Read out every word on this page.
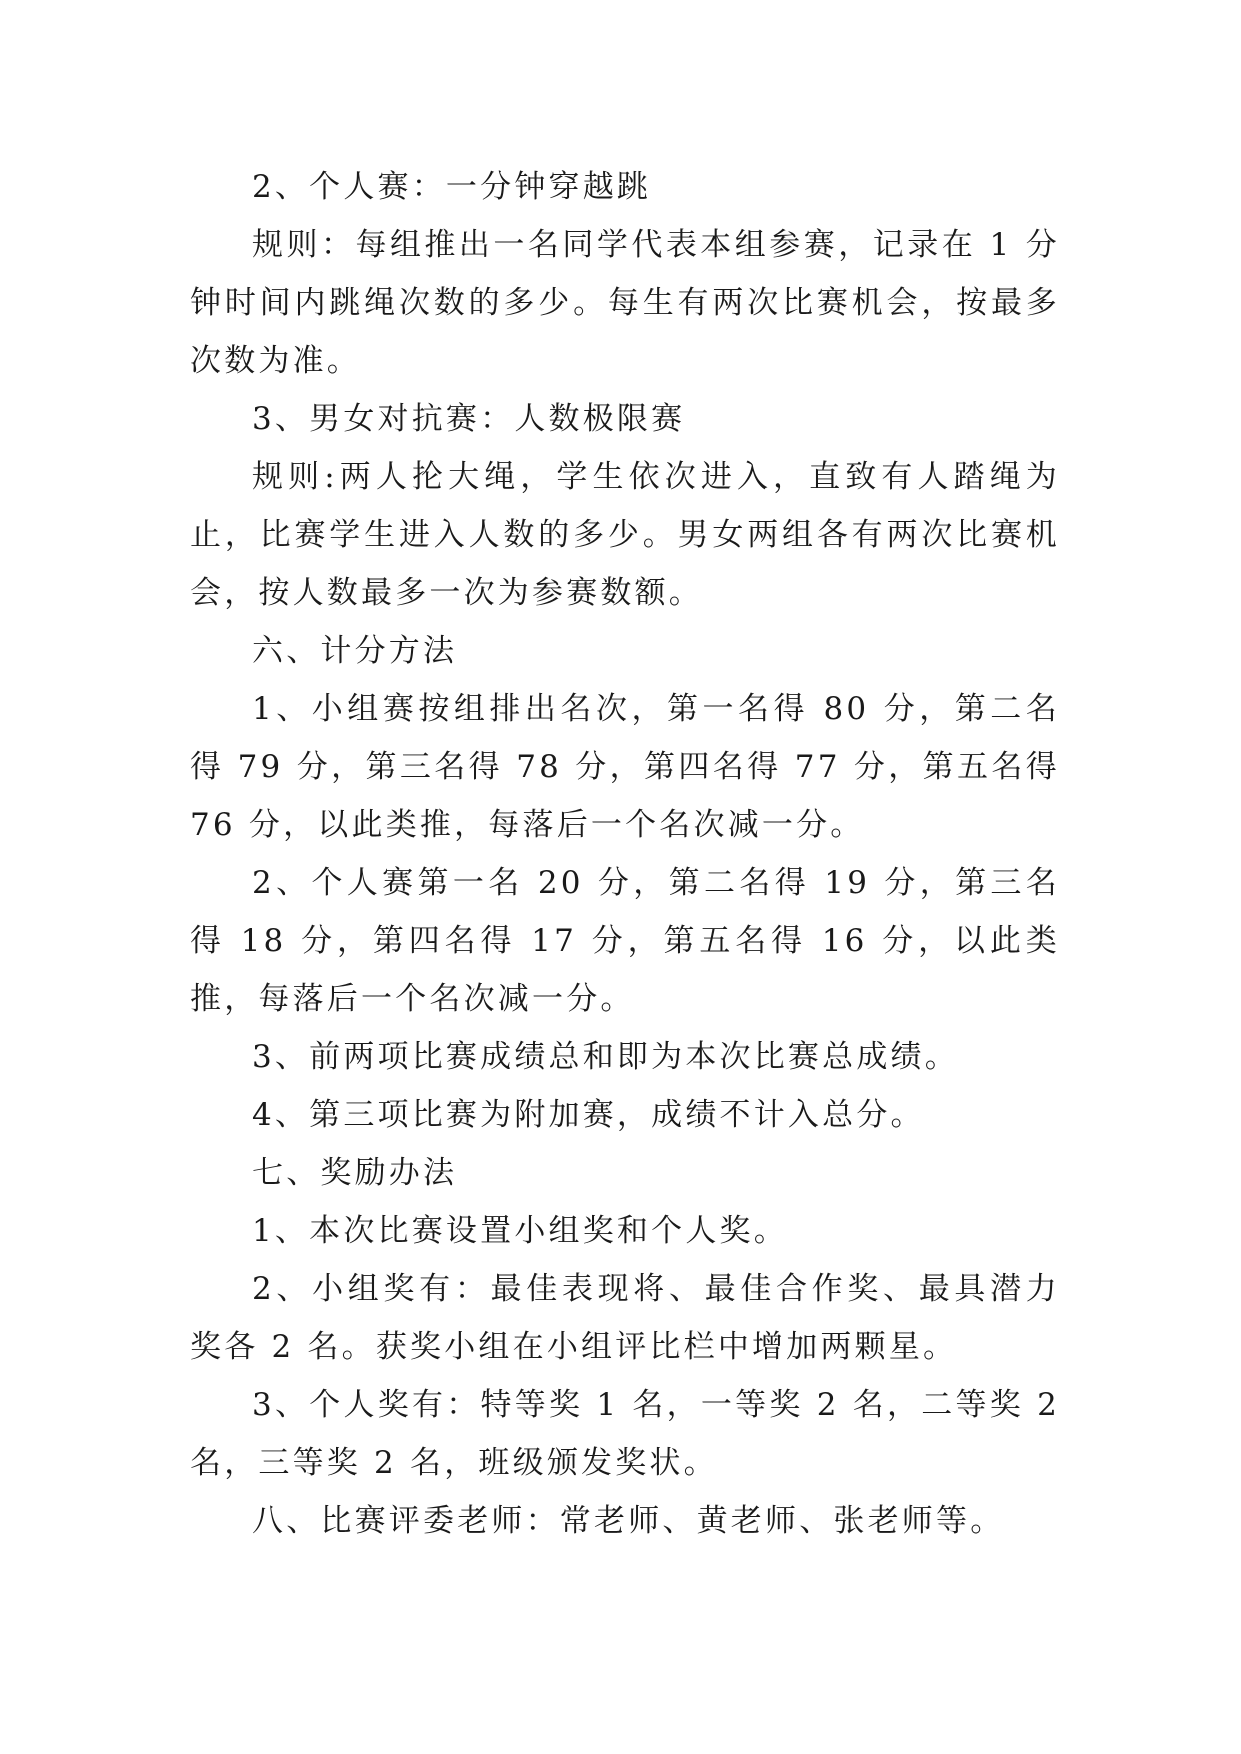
2、个人赛：一分钟穿越跳

规则：每组推出一名同学代表本组参赛，记录在 1 分钟时间内跳绳次数的多少。每生有两次比赛机会，按最多次数为准。

3、男女对抗赛：人数极限赛

规则:两人抡大绳，学生依次进入，直致有人踏绳为止，比赛学生进入人数的多少。男女两组各有两次比赛机会，按人数最多一次为参赛数额。

六、计分方法

1、小组赛按组排出名次，第一名得 80 分，第二名得 79 分，第三名得 78 分，第四名得 77 分，第五名得 76 分，以此类推，每落后一个名次减一分。

2、个人赛第一名 20 分，第二名得 19 分，第三名得 18 分，第四名得 17 分，第五名得 16 分，以此类推，每落后一个名次减一分。

3、前两项比赛成绩总和即为本次比赛总成绩。

4、第三项比赛为附加赛，成绩不计入总分。

七、奖励办法

1、本次比赛设置小组奖和个人奖。

2、小组奖有：最佳表现将、最佳合作奖、最具潜力奖各 2 名。获奖小组在小组评比栏中增加两颗星。

3、个人奖有：特等奖 1 名，一等奖 2 名，二等奖 2 名，三等奖 2 名，班级颁发奖状。

八、比赛评委老师：常老师、黄老师、张老师等。
